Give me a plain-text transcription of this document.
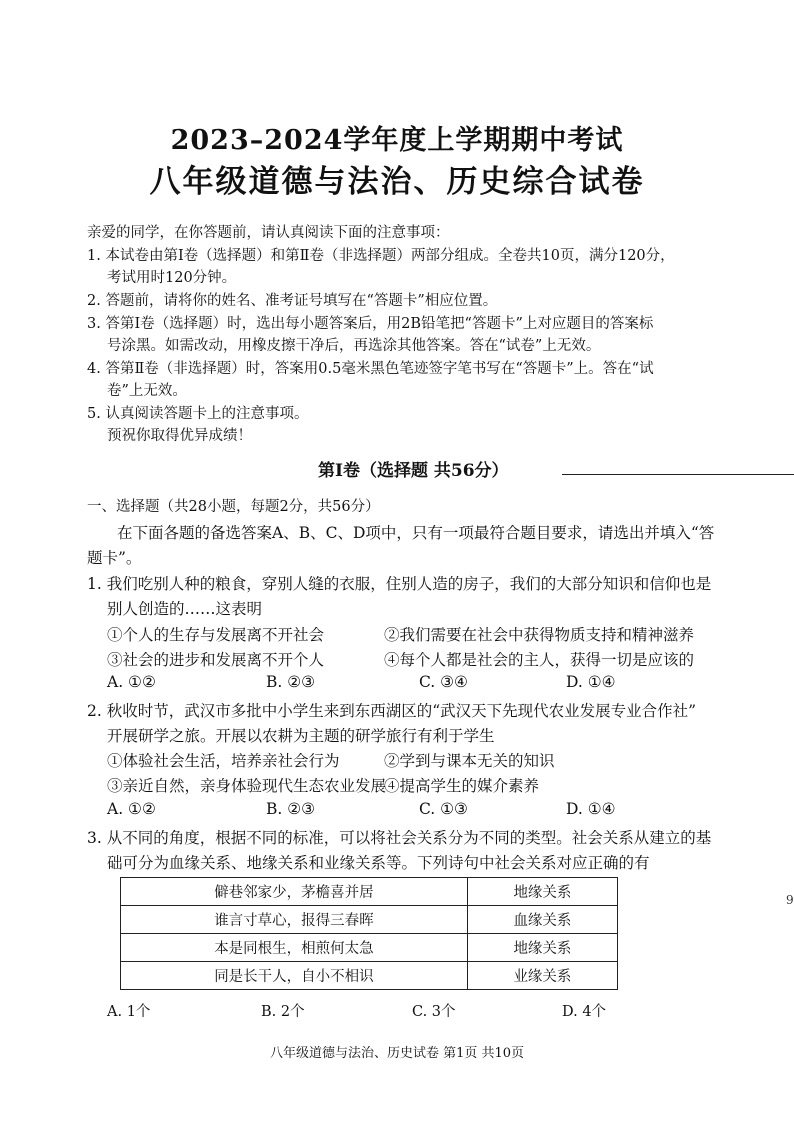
2023–2024学年度上学期期中考试
八年级道德与法治、历史综合试卷
亲爱的同学，在你答题前，请认真阅读下面的注意事项：
1. 本试卷由第Ⅰ卷（选择题）和第Ⅱ卷（非选择题）两部分组成。全卷共10页，满分120分，
考试用时120分钟。
2. 答题前，请将你的姓名、准考证号填写在“答题卡”相应位置。
3. 答第Ⅰ卷（选择题）时，选出每小题答案后，用2B铅笔把“答题卡”上对应题目的答案标
号涂黑。如需改动，用橡皮擦干净后，再选涂其他答案。答在“试卷”上无效。
4. 答第Ⅱ卷（非选择题）时，答案用0.5毫米黑色笔迹签字笔书写在“答题卡”上。答在“试
卷”上无效。
5. 认真阅读答题卡上的注意事项。
预祝你取得优异成绩！
第Ⅰ卷（选择题 共56分）
一、选择题（共28小题，每题2分，共56分）
在下面各题的备选答案A、B、C、D项中，只有一项最符合题目要求，请选出并填入“答
题卡”。
1. 我们吃别人种的粮食，穿别人缝的衣服，住别人造的房子，我们的大部分知识和信仰也是
别人创造的……这表明
①个人的生存与发展离不开社会	②我们需要在社会中获得物质支持和精神滋养
③社会的进步和发展离不开个人	④每个人都是社会的主人，获得一切是应该的
A. ①②	B. ②③	C. ③④	D. ①④
2. 秋收时节，武汉市多批中小学生来到东西湖区的“武汉天下先现代农业发展专业合作社”
开展研学之旅。开展以农耕为主题的研学旅行有利于学生
①体验社会生活，培养亲社会行为	②学到与课本无关的知识
③亲近自然，亲身体验现代生态农业发展
④提高学生的媒介素养
A. ①②	B. ②③	C. ①③	D. ①④
3. 从不同的角度，根据不同的标准，可以将社会关系分为不同的类型。社会关系从建立的基
础可分为血缘关系、地缘关系和业缘关系等。下列诗句中社会关系对应正确的有
僻巷邻家少，茅檐喜并居	地缘关系
谁言寸草心，报得三春晖	血缘关系
本是同根生，相煎何太急	地缘关系
同是长干人，自小不相识	业缘关系
A. 1个	B. 2个	C. 3个	D. 4个
八年级道德与法治、历史试卷 第1页 共10页
9
